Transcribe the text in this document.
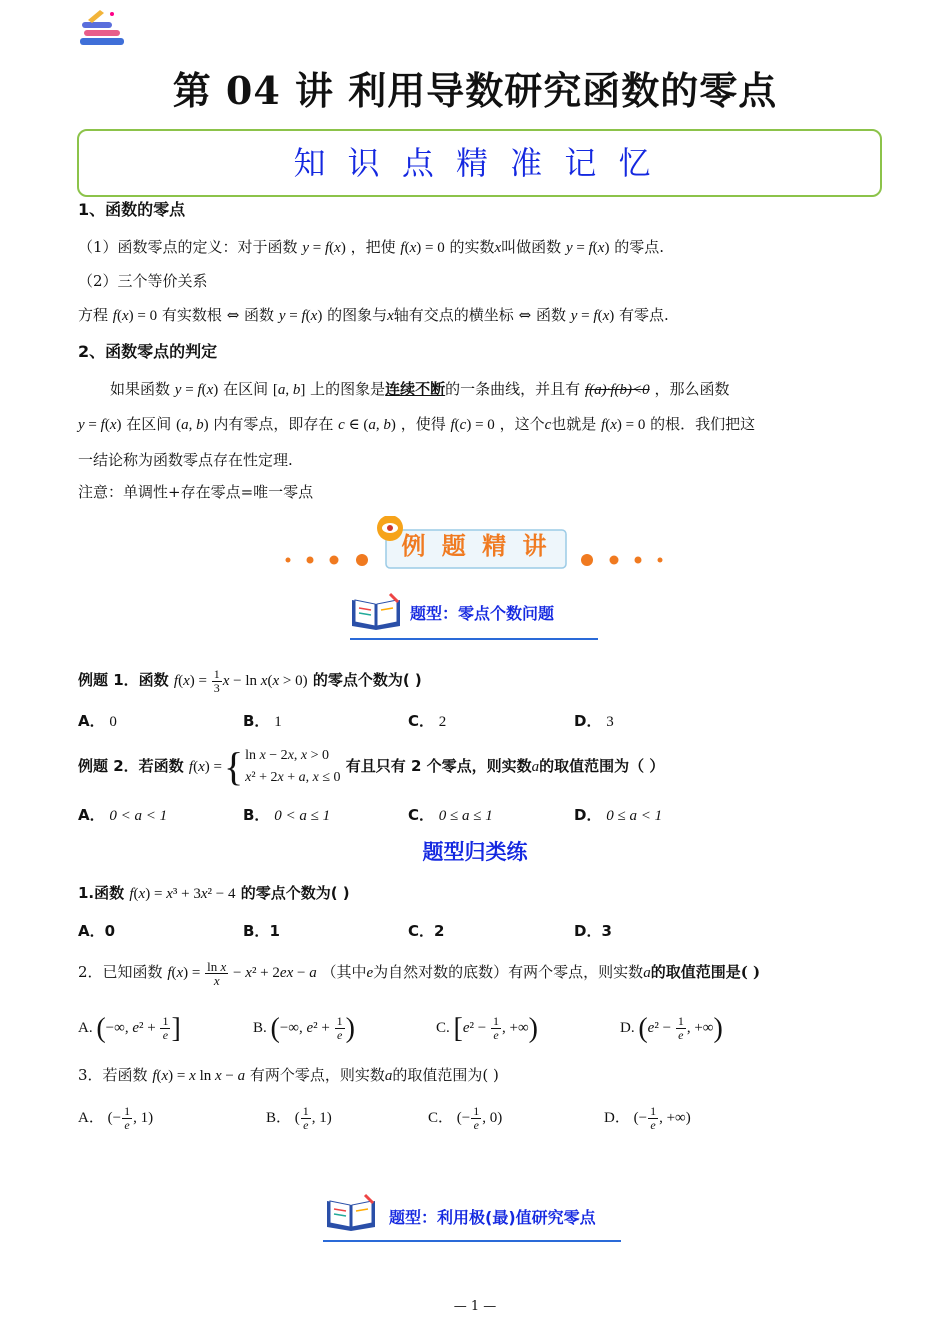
第 04 讲 利用导数研究函数的零点
知 识 点 精 准 记 忆
1、函数的零点
（1）函数零点的定义：对于函数 y = f(x) ，把使 f(x) = 0 的实数x叫做函数 y = f(x) 的零点.
（2）三个等价关系
方程 f(x) = 0 有实数根 ⇔ 函数 y = f(x) 的图象与x轴有交点的横坐标 ⇔ 函数 y = f(x) 有零点.
2、函数零点的判定
如果函数 y = f(x) 在区间 [a, b] 上的图象是连续不断的一条曲线，并且有 f(a)·f(b)<0 ，那么函数
y = f(x) 在区间 (a, b) 内有零点，即存在 c ∈ (a, b) ，使得 f(c) = 0 ，这个c也就是 f(x) = 0 的根．我们把这
一结论称为函数零点存在性定理.
注意：单调性+存在零点=唯一零点
例 题 精 讲
题型：零点个数问题
例题 1．函数 $f(x) = \frac{1}{3}$ x − ln x(x > 0) 的零点个数为( )
A． 0	B． 1	C． 2	D． 3
例题 2．若函数 f ( x ) = { ln x − 2x, x > 0
x² + 2x + a, x ≤ 0
有且只有 2 个零点，则实数a的取值范围为（ ）
A． 0 < a < 1	B． 0 < a ≤ 1	C． 0 ≤ a ≤ 1	D． 0 ≤ a < 1
题型归类练
1.函数 f(x) = x³ + 3x² − 4 的零点个数为( )
A．0	B．1	C．2	D．3
2．已知函数 $f(x) = \frac{\text{ln x}}{x} - x^2 + 2ex - a$ （其中e为自然对数的底数）有两个零点，则实数a的取值范围是( )
A. (−∞, $e^2 + \frac{1}{e}$ ]	B. (−∞, $e^2 + \frac{1}{e}$ )	C. [$e^2 - \frac{1}{e}$ , +∞)	D. ($e^2 - \frac{1}{e}$ , +∞)
3．若函数 f(x) = x ln x − a 有两个零点，则实数a的取值范围为( )
A． (− $\frac{1}{e}$ , 1)	B． ( $\frac{1}{e}$ , 1)	C． (− $\frac{1}{e}$ , 0)	D． (− $\frac{1}{e}$ , +∞)
题型：利用极(最)值研究零点
— 1 —
